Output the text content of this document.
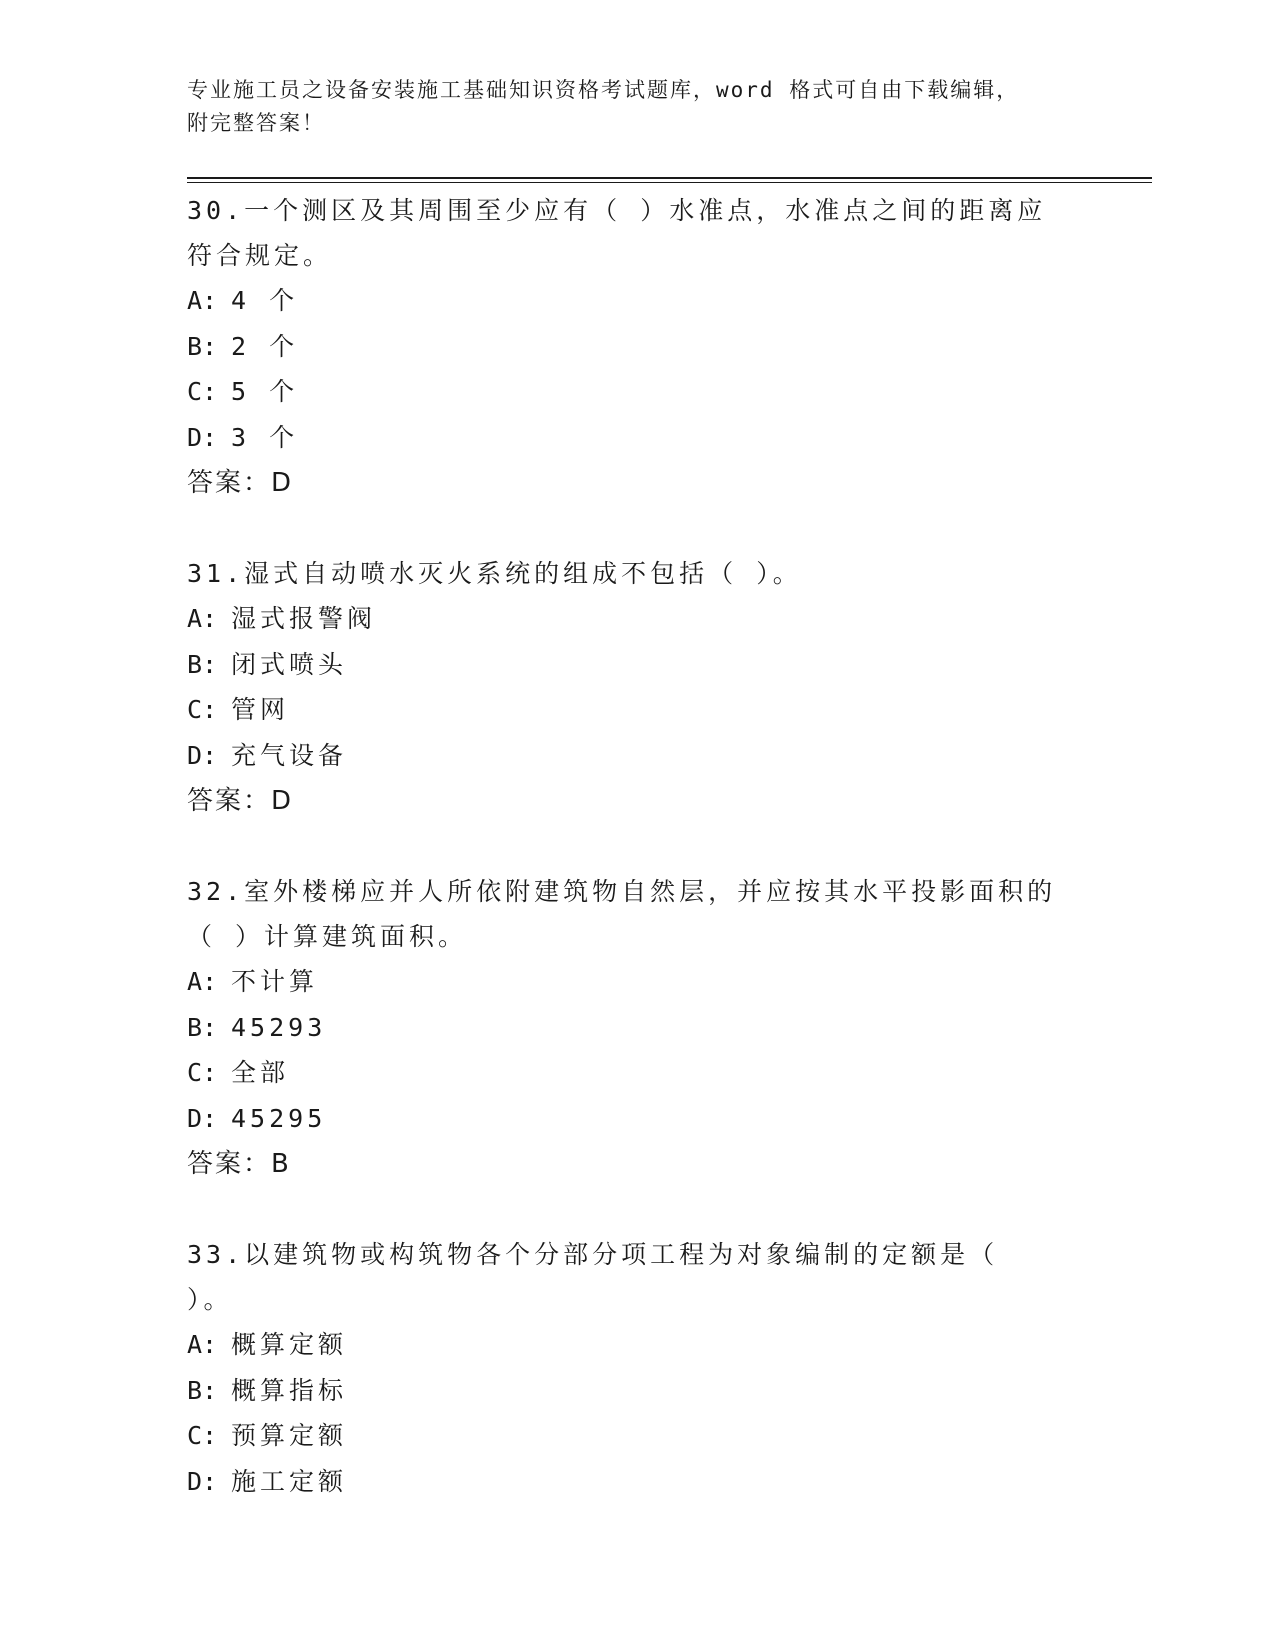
专业施工员之设备安装施工基础知识资格考试题库，word 格式可自由下载编辑，
附完整答案！
30.一个测区及其周围至少应有（ ）水准点，水准点之间的距离应符合规定。
A: 4 个
B: 2 个
C: 5 个
D: 3 个
答案：D
31.湿式自动喷水灭火系统的组成不包括（ ）。
A: 湿式报警阀
B: 闭式喷头
C: 管网
D: 充气设备
答案：D
32.室外楼梯应并人所依附建筑物自然层，并应按其水平投影面积的（ ）计算建筑面积。
A: 不计算
B: 45293
C: 全部
D: 45295
答案：B
33.以建筑物或构筑物各个分部分项工程为对象编制的定额是（ ）。
A: 概算定额
B: 概算指标
C: 预算定额
D: 施工定额
